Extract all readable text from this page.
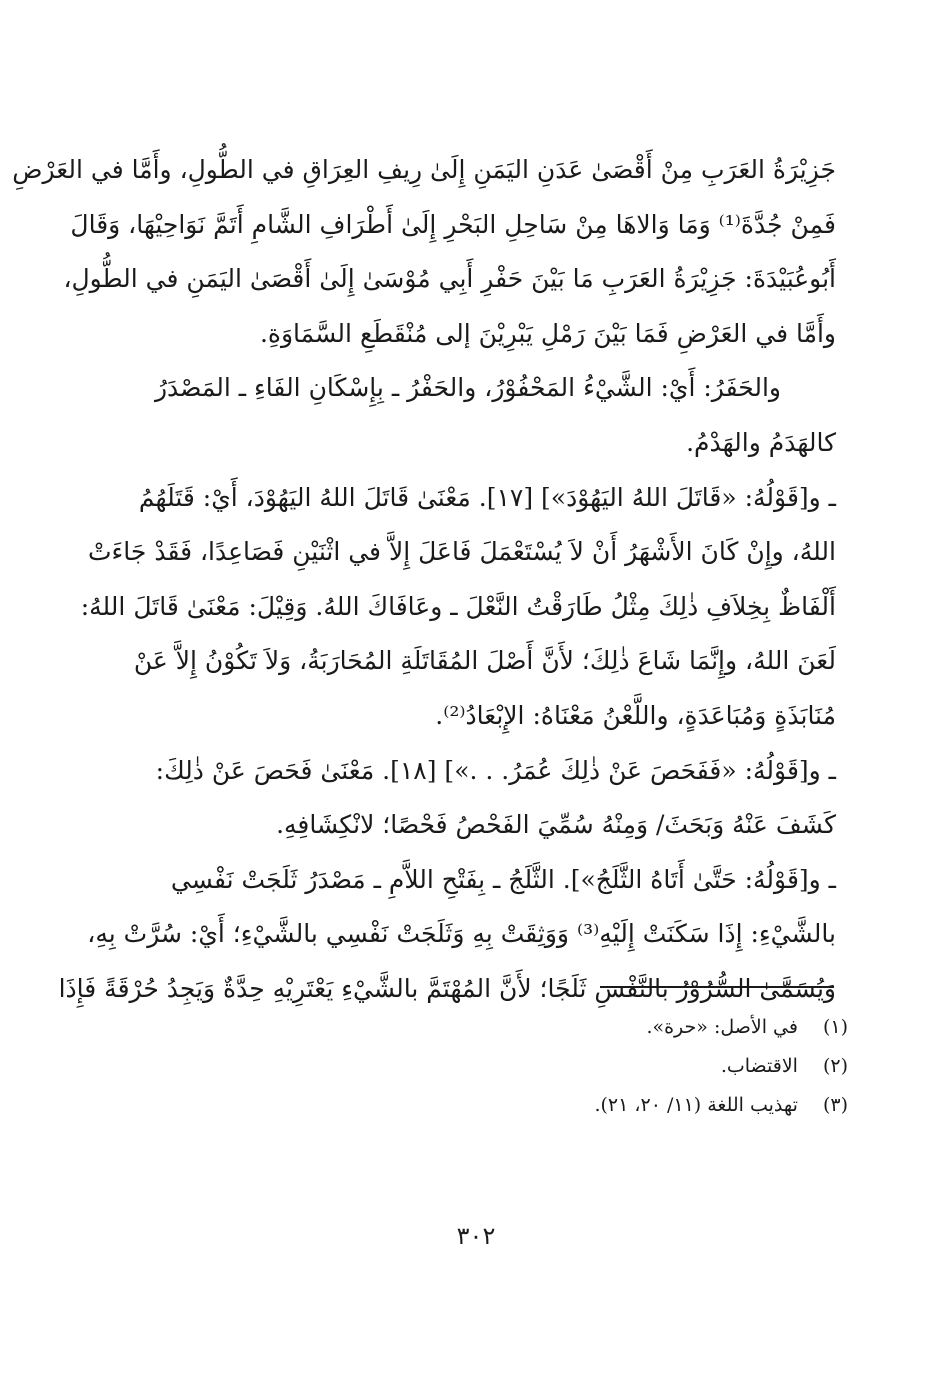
جَزِيْرَةُ العَرَبِ مِنْ أَقْصَىٰ عَدَنِ اليَمَنِ إِلَىٰ رِيفِ العِرَاقِ في الطُّولِ، وأَمَّا في العَرْضِ
فَمِنْ جُدَّةَ⁽¹⁾ وَمَا وَالاهَا مِنْ سَاحِلِ البَحْرِ إِلَىٰ أَطْرَافِ الشَّامِ أَتَمَّ نَوَاحِيْهَا، وَقَالَ
أَبُوعُبَيْدَةَ: جَزِيْرَةُ العَرَبِ مَا بَيْنَ حَفْرِ أَبِي مُوْسَىٰ إِلَىٰ أَقْصَىٰ اليَمَنِ في الطُّولِ،
وأَمَّا في العَرْضِ فَمَا بَيْنَ رَمْلِ يَبْرِيْنَ إلى مُنْقَطَعِ السَّمَاوَةِ.
والحَفَرُ: أَيْ: الشَّيْءُ المَحْفُوْرُ، والحَفْرُ ـ بِإِسْكَانِ الفَاءِ ـ المَصْدَرُ
كالهَدَمُ والهَدْمُ.
ـ و[قَوْلُهُ: «قَاتَلَ اللهُ اليَهُوْدَ»] [١٧]. مَعْنَىٰ قَاتَلَ اللهُ اليَهُوْدَ، أَيْ: قَتَلَهُمُ
اللهُ، وإِنْ كَانَ الأَشْهَرُ أَنْ لاَ يُسْتَعْمَلَ فَاعَلَ إِلاَّ في اثْنَيْنِ فَصَاعِدًا، فَقَدْ جَاءَتْ
أَلْفَاظٌ بِخِلاَفِ ذٰلِكَ مِثْلُ طَارَقْتُ النَّعْلَ ـ وعَافَاكَ اللهُ. وَقِيْلَ: مَعْنَىٰ قَاتَلَ اللهُ:
لَعَنَ اللهُ، وإِنَّمَا شَاعَ ذٰلِكَ؛ لأَنَّ أَصْلَ المُقَاتَلَةِ المُحَارَبَةُ، وَلاَ تَكُوْنُ إِلاَّ عَنْ
مُنَابَذَةٍ وَمُبَاعَدَةٍ، واللَّعْنُ مَعْنَاهُ: الإِبْعَادُ⁽²⁾.
ـ و[قَوْلُهُ: «فَفَحَصَ عَنْ ذٰلِكَ عُمَرُ. . .»] [١٨]. مَعْنَىٰ فَحَصَ عَنْ ذٰلِكَ:
كَشَفَ عَنْهُ وَبَحَثَ/ وَمِنْهُ سُمِّيَ الفَحْصُ فَحْصًا؛ لانْكِشَافِهِ.
ـ و[قَوْلُهُ: حَتَّىٰ أَتَاهُ الثَّلَجُ»]. الثَّلَجُ ـ بِفَتْحِ اللاَّمِ ـ مَصْدَرُ ثَلَجَتْ نَفْسِي
بالشَّيْءِ: إِذَا سَكَنَتْ إِلَيْهِ⁽³⁾ وَوَثِقَتْ بِهِ وَثَلَجَتْ نَفْسِي بالشَّيْءِ؛ أَيْ: سُرَّتْ بِهِ،
وَيُسَمَّىٰ السُّرُوْرُ بالنَّفْسِ ثَلَجًا؛ لأَنَّ المُهْتَمَّ بالشَّيْءِ يَعْتَرِيْهِ حِدَّةٌ وَيَجِدُ حُرْقَةً فَإِذَا
(١) في الأصل: «حرة».
(٢) الاقتضاب.
(٣) تهذيب اللغة (١١/ ٢٠، ٢١).
٣٠٢
